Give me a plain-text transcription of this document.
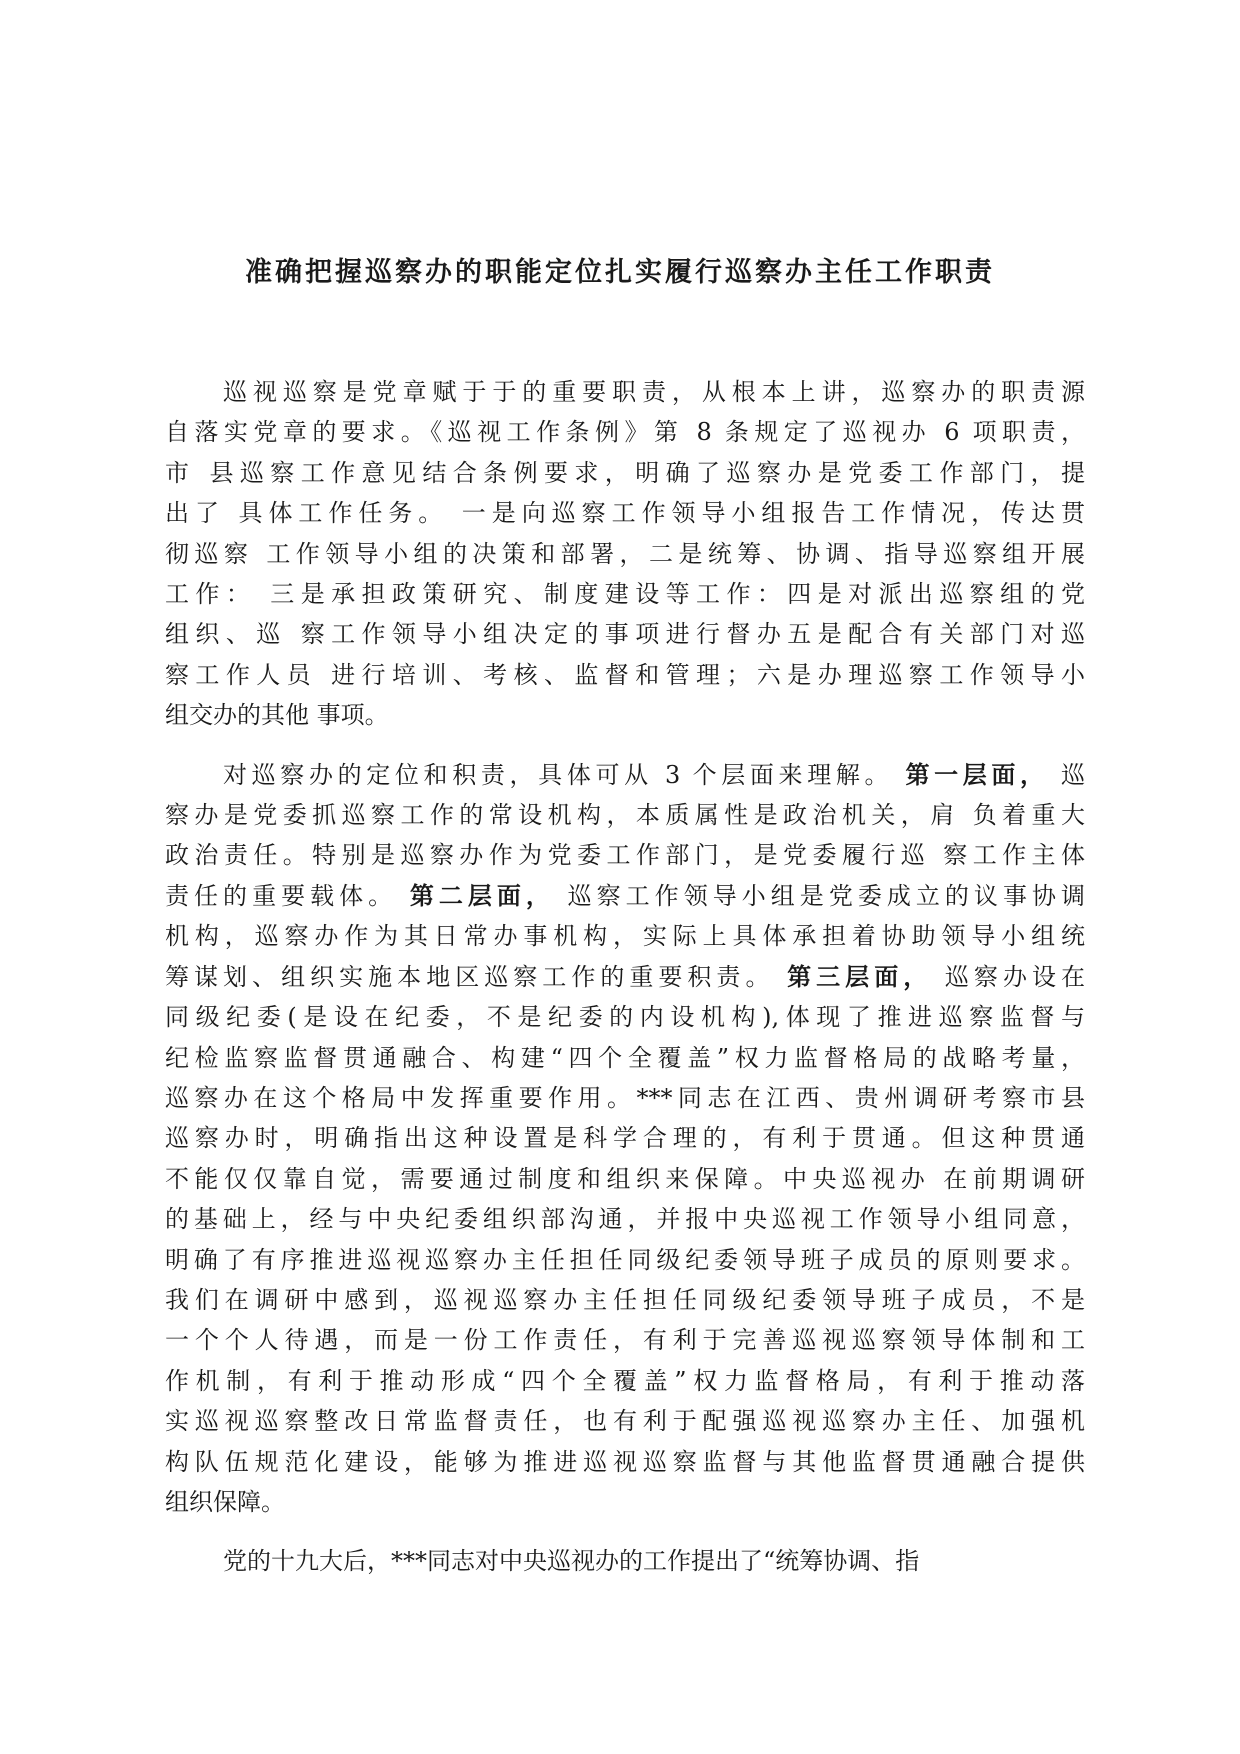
准确把握巡察办的职能定位扎实履行巡察办主任工作职责
巡视巡察是党章赋于于的重要职责，从根本上讲，巡察办的职责源
自落实党章的要求。《巡视工作条例》第 8 条规定了巡视办 6 项职责，
市 县巡察工作意见结合条例要求，明确了巡察办是党委工作部门，提
出了 具体工作任务。 一是向巡察工作领导小组报告工作情况，传达贯
彻巡察 工作领导小组的决策和部署，二是统筹、协调、指导巡察组开展
工作： 三是承担政策研究、制度建设等工作：四是对派出巡察组的党
组织、巡 察工作领导小组决定的事项进行督办五是配合有关部门对巡
察工作人员 进行培训、考核、监督和管理；六是办理巡察工作领导小
组交办的其他 事项。
对巡察办的定位和积责，具体可从 3 个层面来理解。 第一层面， 巡
察办是党委抓巡察工作的常设机构，本质属性是政治机关，肩 负着重大
政治责任。特别是巡察办作为党委工作部门，是党委履行巡 察工作主体
责任的重要载体。 第二层面， 巡察工作领导小组是党委成立的议事协调
机构，巡察办作为其日常办事机构，实际上具体承担着协助领导小组统
筹谋划、组织实施本地区巡察工作的重要积责。 第三层面， 巡察办设在
同级纪委(是设在纪委，不是纪委的内设机构),体现了推进巡察监督与
纪检监察监督贯通融合、构建“四个全覆盖”权力监督格局的战略考量，
巡察办在这个格局中发挥重要作用。***同志在江西、贵州调研考察市县
巡察办时，明确指出这种设置是科学合理的，有利于贯通。但这种贯通
不能仅仅靠自觉，需要通过制度和组织来保障。中央巡视办 在前期调研
的基础上，经与中央纪委组织部沟通，并报中央巡视工作领导小组同意，
明确了有序推进巡视巡察办主任担任同级纪委领导班子成员的原则要求。
我们在调研中感到，巡视巡察办主任担任同级纪委领导班子成员，不是
一个个人待遇，而是一份工作责任，有利于完善巡视巡察领导体制和工
作机制，有利于推动形成“四个全覆盖”权力监督格局，有利于推动落
实巡视巡察整改日常监督责任，也有利于配强巡视巡察办主任、加强机
构队伍规范化建设，能够为推进巡视巡察监督与其他监督贯通融合提供
组织保障。
党的十九大后，***同志对中央巡视办的工作提出了“统筹协调、指
